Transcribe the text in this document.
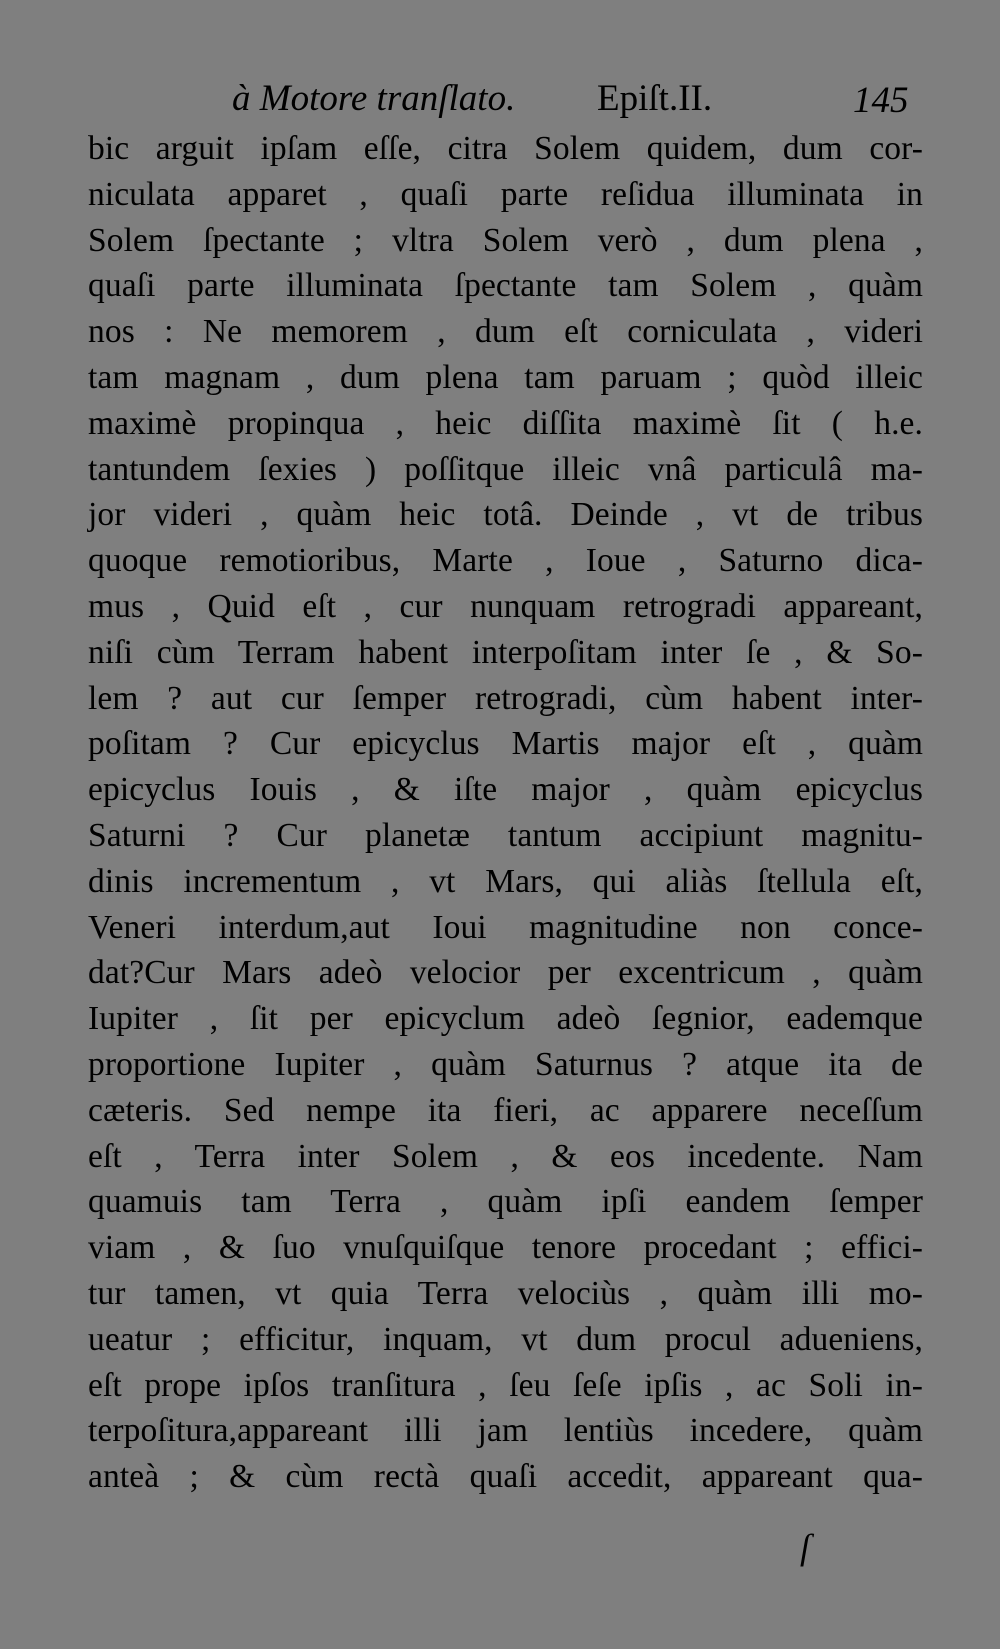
à Motore tranſlato. Epiſt.II.	145
bic arguit ipſam eſſe, citra Solem quidem, dum cor-
niculata apparet , quaſi parte reſidua illuminata in
Solem ſpectante ; vltra Solem verò , dum plena ,
quaſi parte illuminata ſpectante tam Solem , quàm
nos : Ne memorem , dum eſt corniculata , videri
tam magnam , dum plena tam paruam ; quòd illeic
maximè propinqua , heic diſſita maximè ſit ( h.e.
tantundem ſexies ) poſſitque illeic vnâ particulâ ma-
jor videri , quàm heic totâ. Deinde , vt de tribus
quoque remotioribus, Marte , Ioue , Saturno dica-
mus , Quid eſt , cur nunquam retrogradi appareant,
niſi cùm Terram habent interpoſitam inter ſe , & So-
lem ? aut cur ſemper retrogradi, cùm habent inter-
poſitam ? Cur epicyclus Martis major eſt , quàm
epicyclus Iouis , & iſte major , quàm epicyclus
Saturni ? Cur planetæ tantum accipiunt magnitu-
dinis incrementum , vt Mars, qui aliàs ſtellula eſt,
Veneri interdum,aut Ioui magnitudine non conce-
dat?Cur Mars adeò velocior per excentricum , quàm
Iupiter , ſit per epicyclum adeò ſegnior, eademque
proportione Iupiter , quàm Saturnus ? atque ita de
cæteris. Sed nempe ita fieri, ac apparere neceſſum
eſt , Terra inter Solem , & eos incedente. Nam
quamuis tam Terra , quàm ipſi eandem ſemper
viam , & ſuo vnuſquiſque tenore procedant ; effici-
tur tamen, vt quia Terra velociùs , quàm illi mo-
ueatur ; efficitur, inquam, vt dum procul adueniens,
eſt prope ipſos tranſitura , ſeu ſeſe ipſis , ac Soli in-
terpoſitura,appareant illi jam lentiùs incedere, quàm
anteà ; & cùm rectà quaſi accedit, appareant qua-
ſ
